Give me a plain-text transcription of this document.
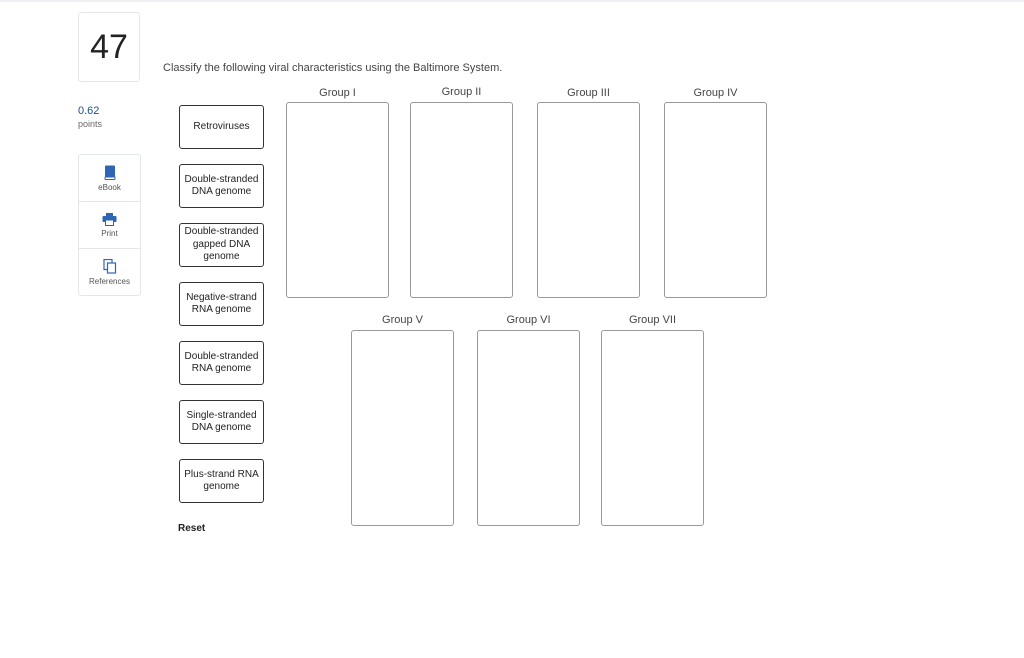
47
0.62
points
eBook
Print
References
Classify the following viral characteristics using the Baltimore System.
Retroviruses
Double-stranded DNA genome
Double-stranded gapped DNA genome
Negative-strand RNA genome
Double-stranded RNA genome
Single-stranded DNA genome
Plus-strand RNA genome
Reset
Group I	Group II	Group III	Group IV
Group V	Group VI	Group VII
